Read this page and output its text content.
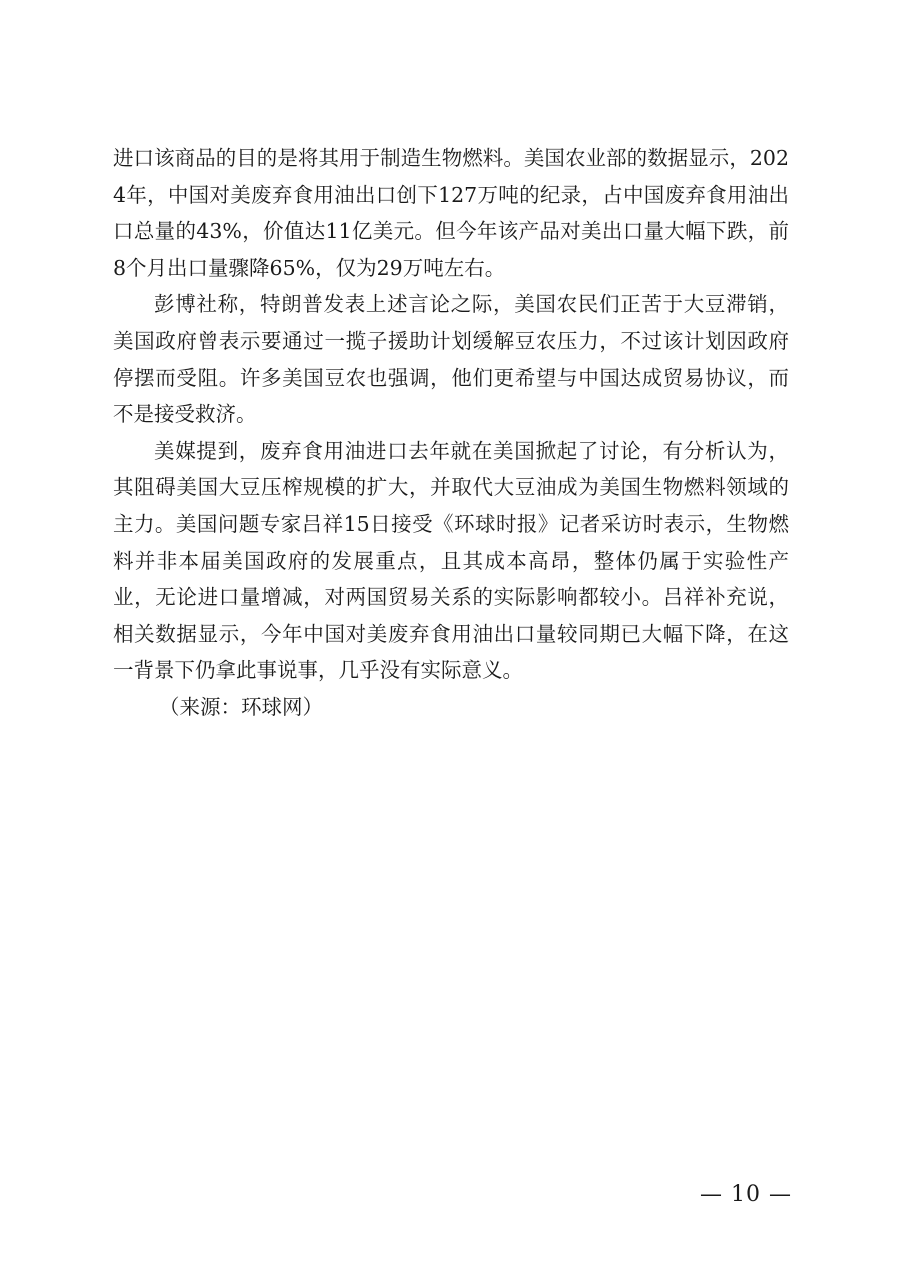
进口该商品的目的是将其用于制造生物燃料。美国农业部的数据显示，2024年，中国对美废弃食用油出口创下127万吨的纪录，占中国废弃食用油出口总量的43%，价值达11亿美元。但今年该产品对美出口量大幅下跌，前8个月出口量骤降65%，仅为29万吨左右。

彭博社称，特朗普发表上述言论之际，美国农民们正苦于大豆滞销，美国政府曾表示要通过一揽子援助计划缓解豆农压力，不过该计划因政府停摆而受阻。许多美国豆农也强调，他们更希望与中国达成贸易协议，而不是接受救济。

美媒提到，废弃食用油进口去年就在美国掀起了讨论，有分析认为，其阻碍美国大豆压榨规模的扩大，并取代大豆油成为美国生物燃料领域的主力。美国问题专家吕祥15日接受《环球时报》记者采访时表示，生物燃料并非本届美国政府的发展重点，且其成本高昂，整体仍属于实验性产业，无论进口量增减，对两国贸易关系的实际影响都较小。吕祥补充说，相关数据显示，今年中国对美废弃食用油出口量较同期已大幅下降，在这一背景下仍拿此事说事，几乎没有实际意义。

（来源：环球网）

— 10 —
